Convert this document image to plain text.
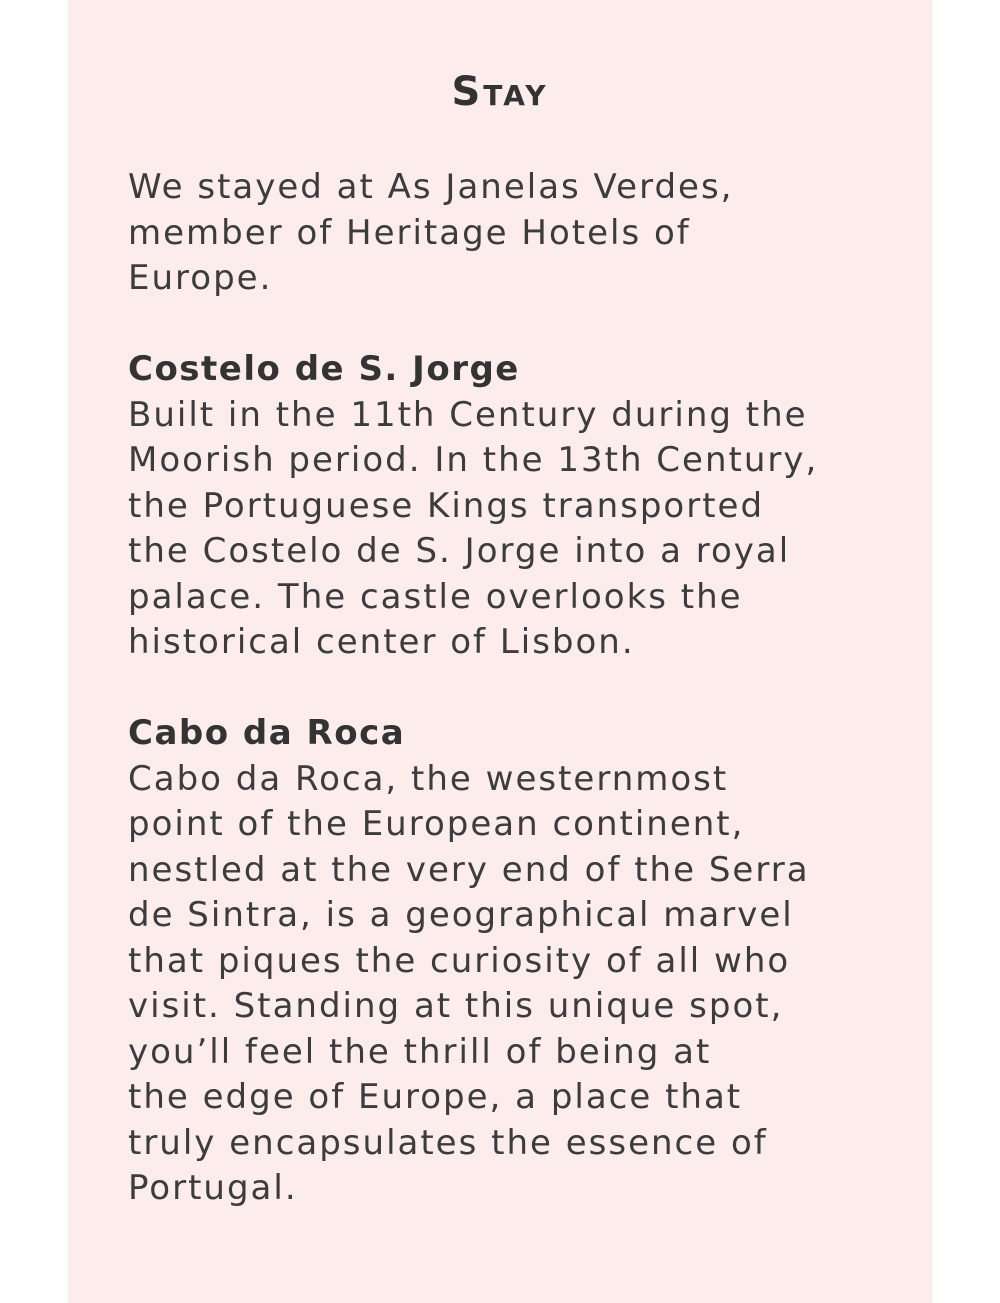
Stay

We stayed at As Janelas Verdes,
member of Heritage Hotels of
Europe.

Costelo de S. Jorge

Built in the 11th Century during the
Moorish period. In the 13th Century,
the Portuguese Kings transported
the Costelo de S. Jorge into a royal
palace. The castle overlooks the
historical center of Lisbon.

Cabo da Roca

Cabo da Roca, the westernmost
point of the European continent,
nestled at the very end of the Serra
de Sintra, is a geographical marvel
that piques the curiosity of all who
visit. Standing at this unique spot,
you’ll feel the thrill of being at
the edge of Europe, a place that
truly encapsulates the essence of
Portugal.
